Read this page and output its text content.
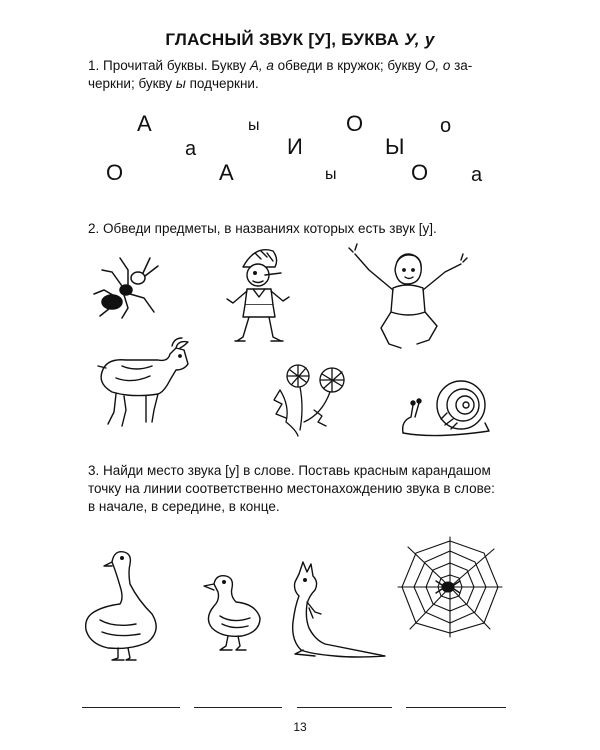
ГЛАСНЫЙ ЗВУК [У], БУКВА У, у
1. Прочитай буквы. Букву А, а обведи в кружок; букву О, о за-
черкни; букву ы подчеркни.
А	ы	О	о
а	И	Ы
О	А	ы	О а
2. Обведи предметы, в названиях которых есть звук [у].
3. Найди место звука [у] в слове. Поставь красным карандашом
точку на линии соответственно местонахождению звука в слове:
в начале, в середине, в конце.
13
